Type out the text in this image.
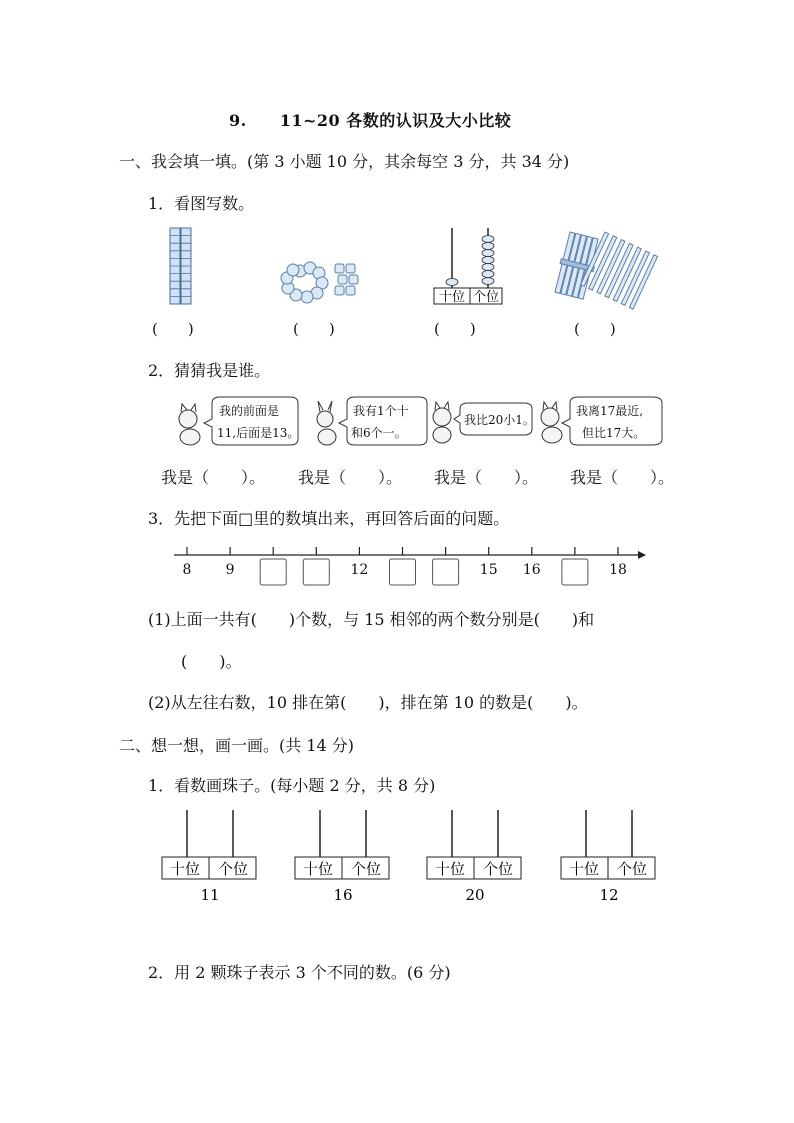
9.　　11~20 各数的认识及大小比较
一、我会填一填。(第 3 小题 10 分，其余每空 3 分，共 34 分)
1．看图写数。
十位 个位
(　　)	(　　)	(　　)	(　　)
2．猜猜我是谁。
我的前面是
11,后面是13。
我有1个十
和6个一。
我比20小1。
我离17最近,
但比17大。
我是（　　）。 我是（　　）。 我是（　　）。 我是（　　）。
3．先把下面□里的数填出来，再回答后面的问题。
8 9	12	15 16	18
(1)上面一共有(　　)个数，与 15 相邻的两个数分别是(　　)和
(　　)。
(2)从左往右数，10 排在第(　　)，排在第 10 的数是(　　)。
二、想一想，画一画。(共 14 分)
1．看数画珠子。(每小题 2 分，共 8 分)
十位 个位
11
十位 个位
16
十位 个位
20
十位 个位
12
2．用 2 颗珠子表示 3 个不同的数。(6 分)
